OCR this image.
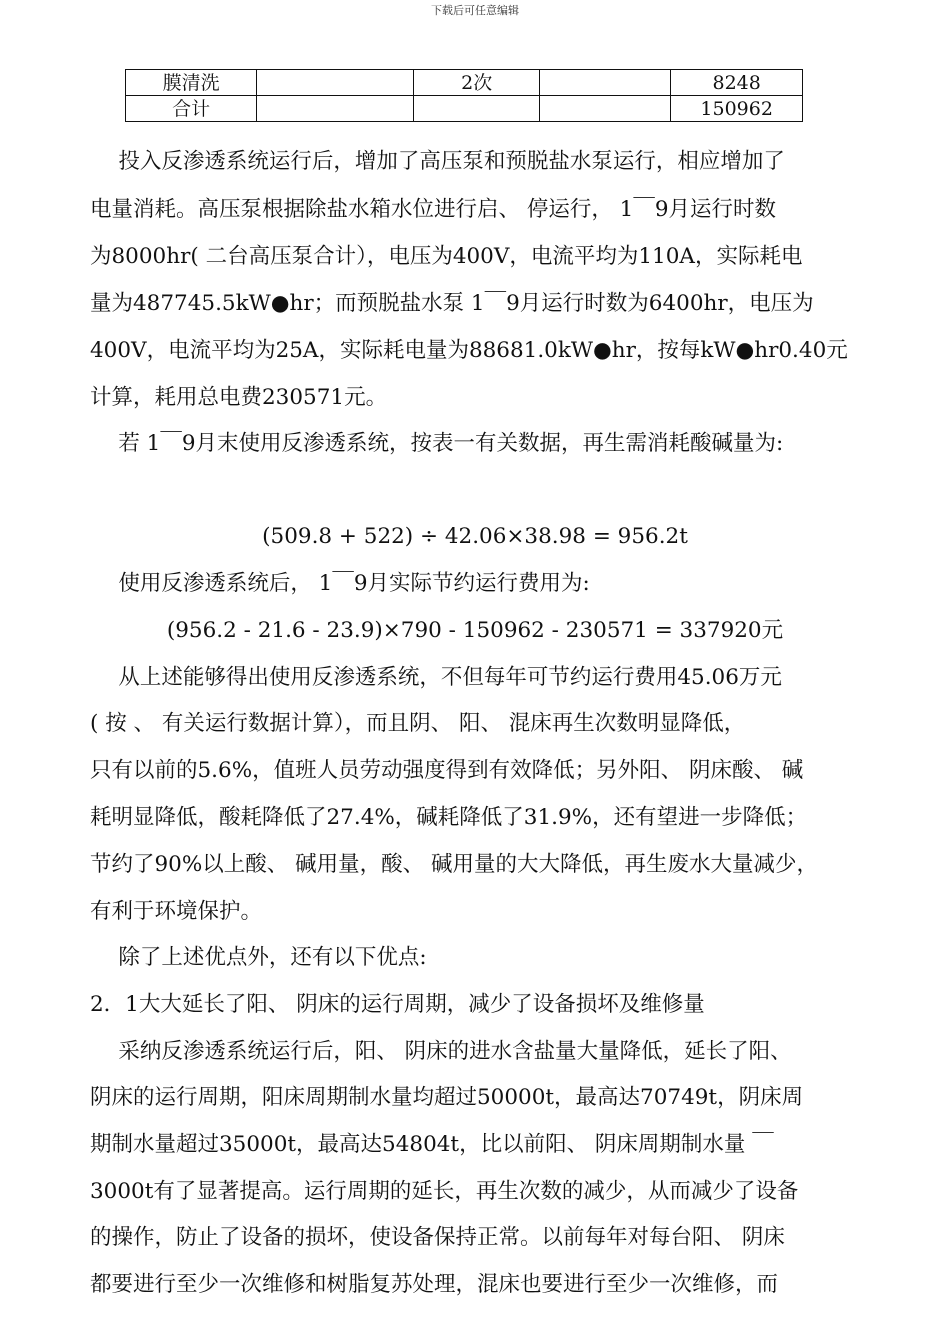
下载后可任意编辑
膜清洗		2次		8248
合计				150962
　 投入反渗透系统运行后，增加了高压泵和预脱盐水泵运行，相应增加了
电量消耗。高压泵根据除盐水箱水位进行启、 停运行， 1￣9月运行时数
为8000hr( 二台高压泵合计），电压为400V，电流平均为110A，实际耗电
量为487745.5kW●hr；而预脱盐水泵 1￣9月运行时数为6400hr，电压为
400V，电流平均为25A，实际耗电量为88681.0kW●hr，按每kW●hr0.40元
计算，耗用总电费230571元。
　 若 1￣9月末使用反渗透系统，按表一有关数据，再生需消耗酸碱量为:
(509.8 + 522) ÷ 42.06×38.98 = 956.2t
　 使用反渗透系统后， 1￣9月实际节约运行费用为:
(956.2 - 21.6 - 23.9)×790 - 150962 - 230571 = 337920元
　 从上述能够得出使用反渗透系统，不但每年可节约运行费用45.06万元
( 按 、 有关运行数据计算），而且阴、 阳、 混床再生次数明显降低，
只有以前的5.6%，值班人员劳动强度得到有效降低；另外阳、 阴床酸、 碱
耗明显降低，酸耗降低了27.4%，碱耗降低了31.9%，还有望进一步降低；
节约了90%以上酸、 碱用量，酸、 碱用量的大大降低，再生废水大量减少，
有利于环境保护。
　 除了上述优点外，还有以下优点:
2．1大大延长了阳、 阴床的运行周期，减少了设备损坏及维修量
　 采纳反渗透系统运行后，阳、 阴床的进水含盐量大量降低，延长了阳、
阴床的运行周期，阳床周期制水量均超过50000t，最高达70749t，阴床周
期制水量超过35000t，最高达54804t，比以前阳、 阴床周期制水量 ￣
3000t有了显著提高。运行周期的延长，再生次数的减少，从而减少了设备
的操作，防止了设备的损坏，使设备保持正常。以前每年对每台阳、 阴床
都要进行至少一次维修和树脂复苏处理，混床也要进行至少一次维修，而
